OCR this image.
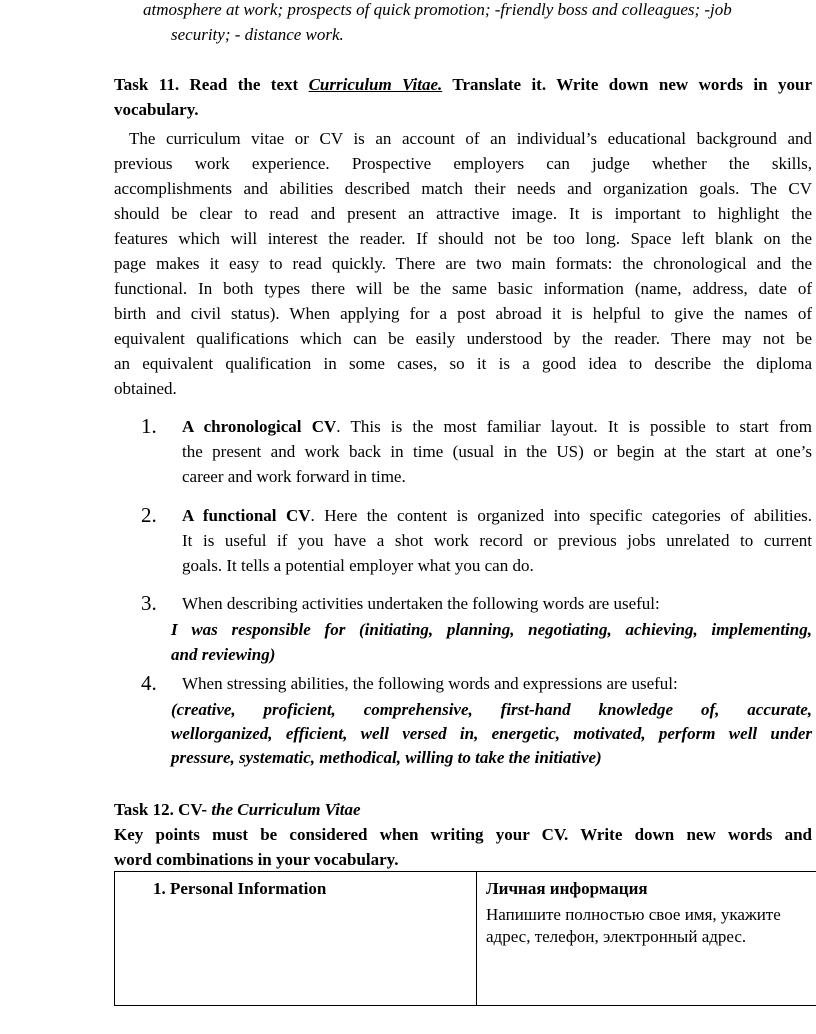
atmosphere at work; prospects of quick promotion; -friendly boss and colleagues; -job
security; - distance work.
Task 11. Read the text Curriculum Vitae. Translate it. Write down new words in your
vocabulary.
The curriculum vitae or CV is an account of an individual’s educational background and
previous work experience. Prospective employers can judge whether the skills,
accomplishments and abilities described match their needs and organization goals. The CV
should be clear to read and present an attractive image. It is important to highlight the
features which will interest the reader. If should not be too long. Space left blank on the
page makes it easy to read quickly. There are two main formats: the chronological and the
functional. In both types there will be the same basic information (name, address, date of
birth and civil status). When applying for a post abroad it is helpful to give the names of
equivalent qualifications which can be easily understood by the reader. There may not be
an equivalent qualification in some cases, so it is a good idea to describe the diploma
obtained.
1. A chronological CV. This is the most familiar layout. It is possible to start from
the present and work back in time (usual in the US) or begin at the start at one’s
career and work forward in time.
2. A functional CV. Here the content is organized into specific categories of abilities.
It is useful if you have a shot work record or previous jobs unrelated to current
goals. It tells a potential employer what you can do.
3. When describing activities undertaken the following words are useful:
I was responsible for (initiating, planning, negotiating, achieving, implementing,
and reviewing)
4. When stressing abilities, the following words and expressions are useful:
(creative, proficient, comprehensive, first-hand knowledge of, accurate,
wellorganized, efficient, well versed in, energetic, motivated, perform well under
pressure, systematic, methodical, willing to take the initiative)
Task 12. CV- the Curriculum Vitae
Key points must be considered when writing your CV. Write down new words and
word combinations in your vocabulary.
1. Personal Information	Личная информация
Напишите полностью свое имя, укажите
адрес, телефон, электронный адрес.
